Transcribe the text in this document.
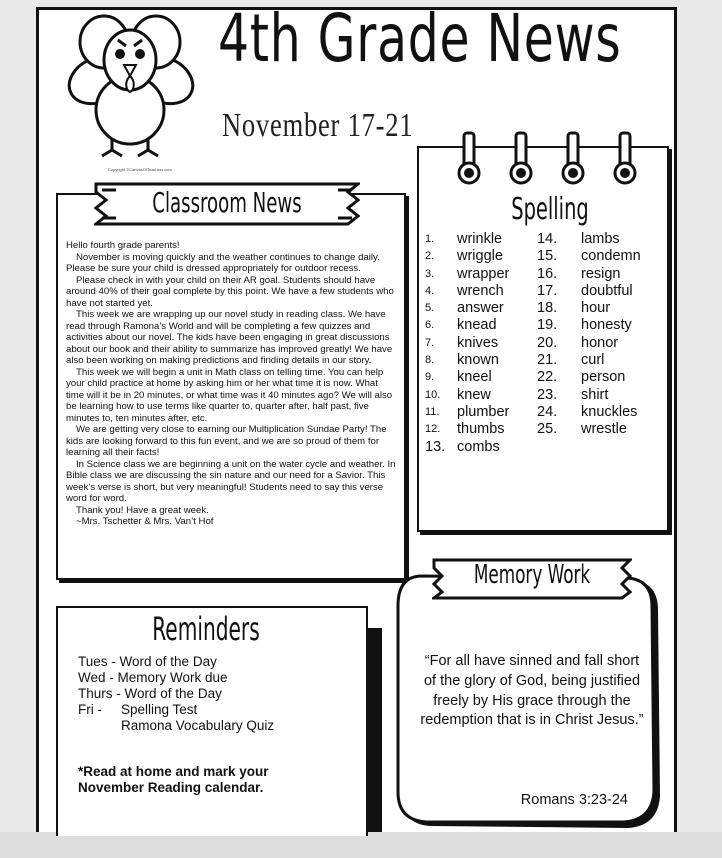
Copyright ©CanvasOfTeachers.com
4th Grade News
November 17-21
Classroom News

Hello fourth grade parents!

November is moving quickly and the weather continues to change daily. Please be sure your child is dressed appropriately for outdoor recess.

Please check in with your child on their AR goal. Students should have around 40% of their goal complete by this point. We have a few students who have not started yet.

This week we are wrapping up our novel study in reading class. We have read through Ramona’s World and will be completing a few quizzes and activities about our novel. The kids have been engaging in great discussions about our book and their ability to summarize has improved greatly! We have also been working on making predictions and finding details in our story.

This week we will begin a unit in Math class on telling time. You can help your child practice at home by asking him or her what time it is now. What time will it be in 20 minutes, or what time was it 40 minutes ago? We will also be learning how to use terms like quarter to, quarter after, half past, five minutes to, ten minutes after, etc.

We are getting very close to earning our Multiplication Sundae Party! The kids are looking forward to this fun event, and we are so proud of them for learning all their facts!

In Science class we are beginning a unit on the water cycle and weather. In Bible class we are discussing the sin nature and our need for a Savior. This week’s verse is short, but very meaningful! Students need to say this verse word for word.

Thank you! Have a great week.

~Mrs. Tschetter & Mrs. Van’t Hof

Spelling
1.	wrinkle
2.	wriggle
3.	wrapper
4.	wrench
5.	answer
6.	knead
7.	knives
8.	known
9.	kneel
10.	knew
11.	plumber
12.	thumbs
13. combs
14.	lambs
15.	condemn
16.	resign
17.	doubtful
18.	hour
19.	honesty
20.	honor
21.	curl
22.	person
23.	shirt
24.	knuckles
25.	wrestle
Reminders
Tues -
Word of the Day
Wed -
Memory Work due
Thurs -
Word of the Day
Fri -	Spelling Test
Ramona Vocabulary Quiz
*Read at home and mark your
November Reading calendar.
Memory Work
“For all have sinned and fall short of the glory of God, being justified freely by His grace through the redemption that is in Christ Jesus.”
Romans 3:23-24
